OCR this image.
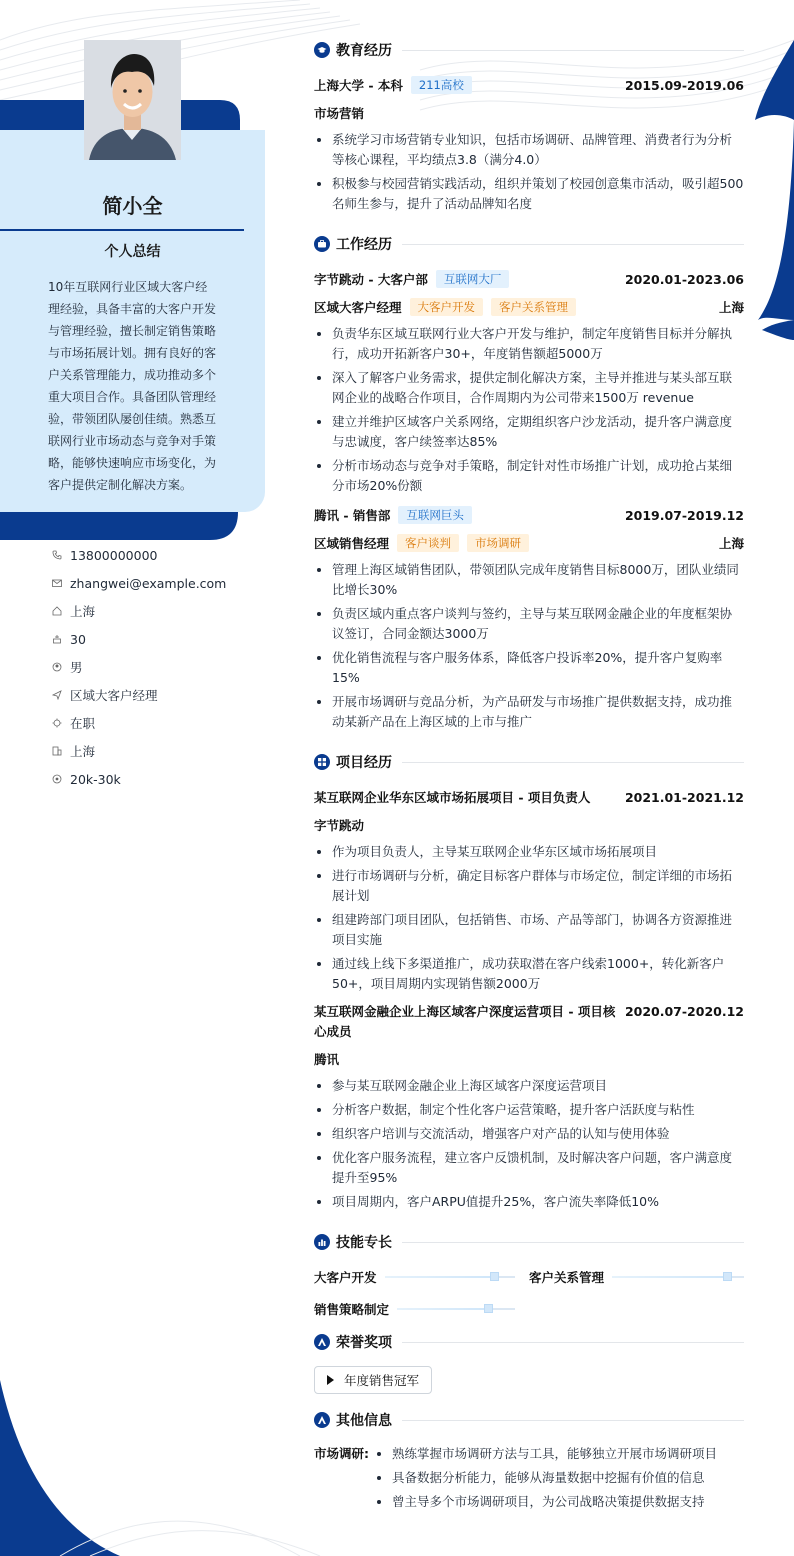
简小全
个人总结
10年互联网行业区域大客户经理经验，具备丰富的大客户开发与管理经验，擅长制定销售策略与市场拓展计划。拥有良好的客户关系管理能力，成功推动多个重大项目合作。具备团队管理经验，带领团队屡创佳绩。熟悉互联网行业市场动态与竞争对手策略，能够快速响应市场变化，为客户提供定制化解决方案。
13800000000
zhangwei@example.com
上海
30
男
区域大客户经理
在职
上海
20k-30k
教育经历
上海大学 - 本科	211高校	2015.09-2019.06
市场营销
系统学习市场营销专业知识，包括市场调研、品牌管理、消费者行为分析等核心课程，平均绩点3.8（满分4.0）
积极参与校园营销实践活动，组织并策划了校园创意集市活动，吸引超500名师生参与，提升了活动品牌知名度
工作经历
字节跳动 - 大客户部	互联网大厂	2020.01-2023.06
区域大客户经理	大客户开发	客户关系管理	上海
负责华东区域互联网行业大客户开发与维护，制定年度销售目标并分解执行，成功开拓新客户30+，年度销售额超5000万
深入了解客户业务需求，提供定制化解决方案，主导并推进与某头部互联网企业的战略合作项目，合作周期内为公司带来1500万 revenue
建立并维护区域客户关系网络，定期组织客户沙龙活动，提升客户满意度与忠诚度，客户续签率达85%
分析市场动态与竞争对手策略，制定针对性市场推广计划，成功抢占某细分市场20%份额
腾讯 - 销售部	互联网巨头	2019.07-2019.12
区域销售经理	客户谈判	市场调研	上海
管理上海区域销售团队，带领团队完成年度销售目标8000万，团队业绩同比增长30%
负责区域内重点客户谈判与签约，主导与某互联网金融企业的年度框架协议签订，合同金额达3000万
优化销售流程与客户服务体系，降低客户投诉率20%，提升客户复购率15%
开展市场调研与竞品分析，为产品研发与市场推广提供数据支持，成功推动某新产品在上海区域的上市与推广
项目经历
某互联网企业华东区域市场拓展项目 - 项目负责人	2021.01-2021.12
字节跳动
作为项目负责人，主导某互联网企业华东区域市场拓展项目
进行市场调研与分析，确定目标客户群体与市场定位，制定详细的市场拓展计划
组建跨部门项目团队，包括销售、市场、产品等部门，协调各方资源推进项目实施
通过线上线下多渠道推广，成功获取潜在客户线索1000+，转化新客户50+，项目周期内实现销售额2000万
某互联网金融企业上海区域客户深度运营项目 - 项目核心成员
2020.07-2020.12
腾讯
参与某互联网金融企业上海区域客户深度运营项目
分析客户数据，制定个性化客户运营策略，提升客户活跃度与粘性
组织客户培训与交流活动，增强客户对产品的认知与使用体验
优化客户服务流程，建立客户反馈机制，及时解决客户问题，客户满意度提升至95%
项目周期内，客户ARPU值提升25%，客户流失率降低10%
技能专长
大客户开发	客户关系管理
销售策略制定
荣誉奖项
年度销售冠军
其他信息
市场调研:	熟练掌握市场调研方法与工具，能够独立开展市场调研项目
具备数据分析能力，能够从海量数据中挖掘有价值的信息
曾主导多个市场调研项目，为公司战略决策提供数据支持
